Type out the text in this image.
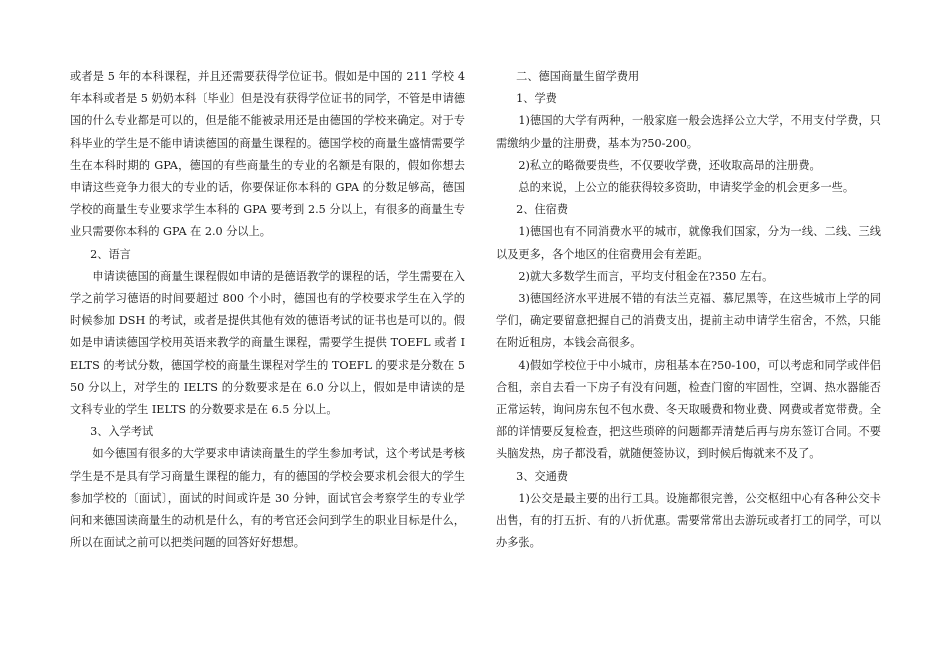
或者是 5 年的本科课程，并且还需要获得学位证书。假如是中国的 211 学校 4 年本科或者是 5 奶奶本科〔毕业〕但是没有获得学位证书的同学，不管是申请德国的什么专业都是可以的，但是能不能被录用还是由德国的学校来确定。对于专科毕业的学生是不能申请读德国的商量生课程的。德国学校的商量生盛情需要学生在本科时期的 GPA，德国的有些商量生的专业的名额是有限的，假如你想去申请这些竞争力很大的专业的话，你要保证你本科的 GPA 的分数足够高，德国学校的商量生专业要求学生本科的 GPA 要考到 2.5 分以上，有很多的商量生专业只需要你本科的 GPA 在 2.0 分以上。

2、语言

申请读德国的商量生课程假如申请的是德语教学的课程的话，学生需要在入学之前学习德语的时间要超过 800 个小时，德国也有的学校要求学生在入学的时候参加 DSH 的考试，或者是提供其他有效的德语考试的证书也是可以的。假如是申请读德国学校用英语来教学的商量生课程，需要学生提供 TOEFL 或者 IELTS 的考试分数，德国学校的商量生课程对学生的 TOEFL 的要求是分数在 550 分以上，对学生的 IELTS 的分数要求是在 6.0 分以上，假如是申请读的是文科专业的学生 IELTS 的分数要求是在 6.5 分以上。

3、入学考试

如今德国有很多的大学要求申请读商量生的学生参加考试，这个考试是考核学生是不是具有学习商量生课程的能力，有的德国的学校会要求机会很大的学生参加学校的〔面试〕，面试的时间或许是 30 分钟，面试官会考察学生的专业学问和来德国读商量生的动机是什么，有的考官还会问到学生的职业目标是什么，所以在面试之前可以把类问题的回答好好想想。

二、德国商量生留学费用

1、学费

1)德国的大学有两种，一般家庭一般会选择公立大学，不用支付学费，只需缴纳少量的注册费，基本为?50-200。

2)私立的略微要贵些，不仅要收学费，还收取高昂的注册费。

总的来说，上公立的能获得较多资助，申请奖学金的机会更多一些。

2、住宿费

1)德国也有不同消费水平的城市，就像我们国家，分为一线、二线、三线以及更多，各个地区的住宿费用会有差距。

2)就大多数学生而言，平均支付租金在?350 左右。

3)德国经济水平进展不错的有法兰克福、慕尼黑等，在这些城市上学的同学们，确定要留意把握自己的消费支出，提前主动申请学生宿舍，不然，只能在附近租房，本钱会高很多。

4)假如学校位于中小城市，房租基本在?50-100，可以考虑和同学或伴侣合租，亲自去看一下房子有没有问题，检查门窗的牢固性，空调、热水器能否正常运转，询问房东包不包水费、冬天取暖费和物业费、网费或者宽带费。全部的详情要反复检查，把这些琐碎的问题都弄清楚后再与房东签订合同。不要头脑发热，房子都没看，就随便签协议，到时候后悔就来不及了。

3、交通费

1)公交是最主要的出行工具。设施都很完善，公交枢纽中心有各种公交卡出售，有的打五折、有的八折优惠。需要常常出去游玩或者打工的同学，可以办多张。
